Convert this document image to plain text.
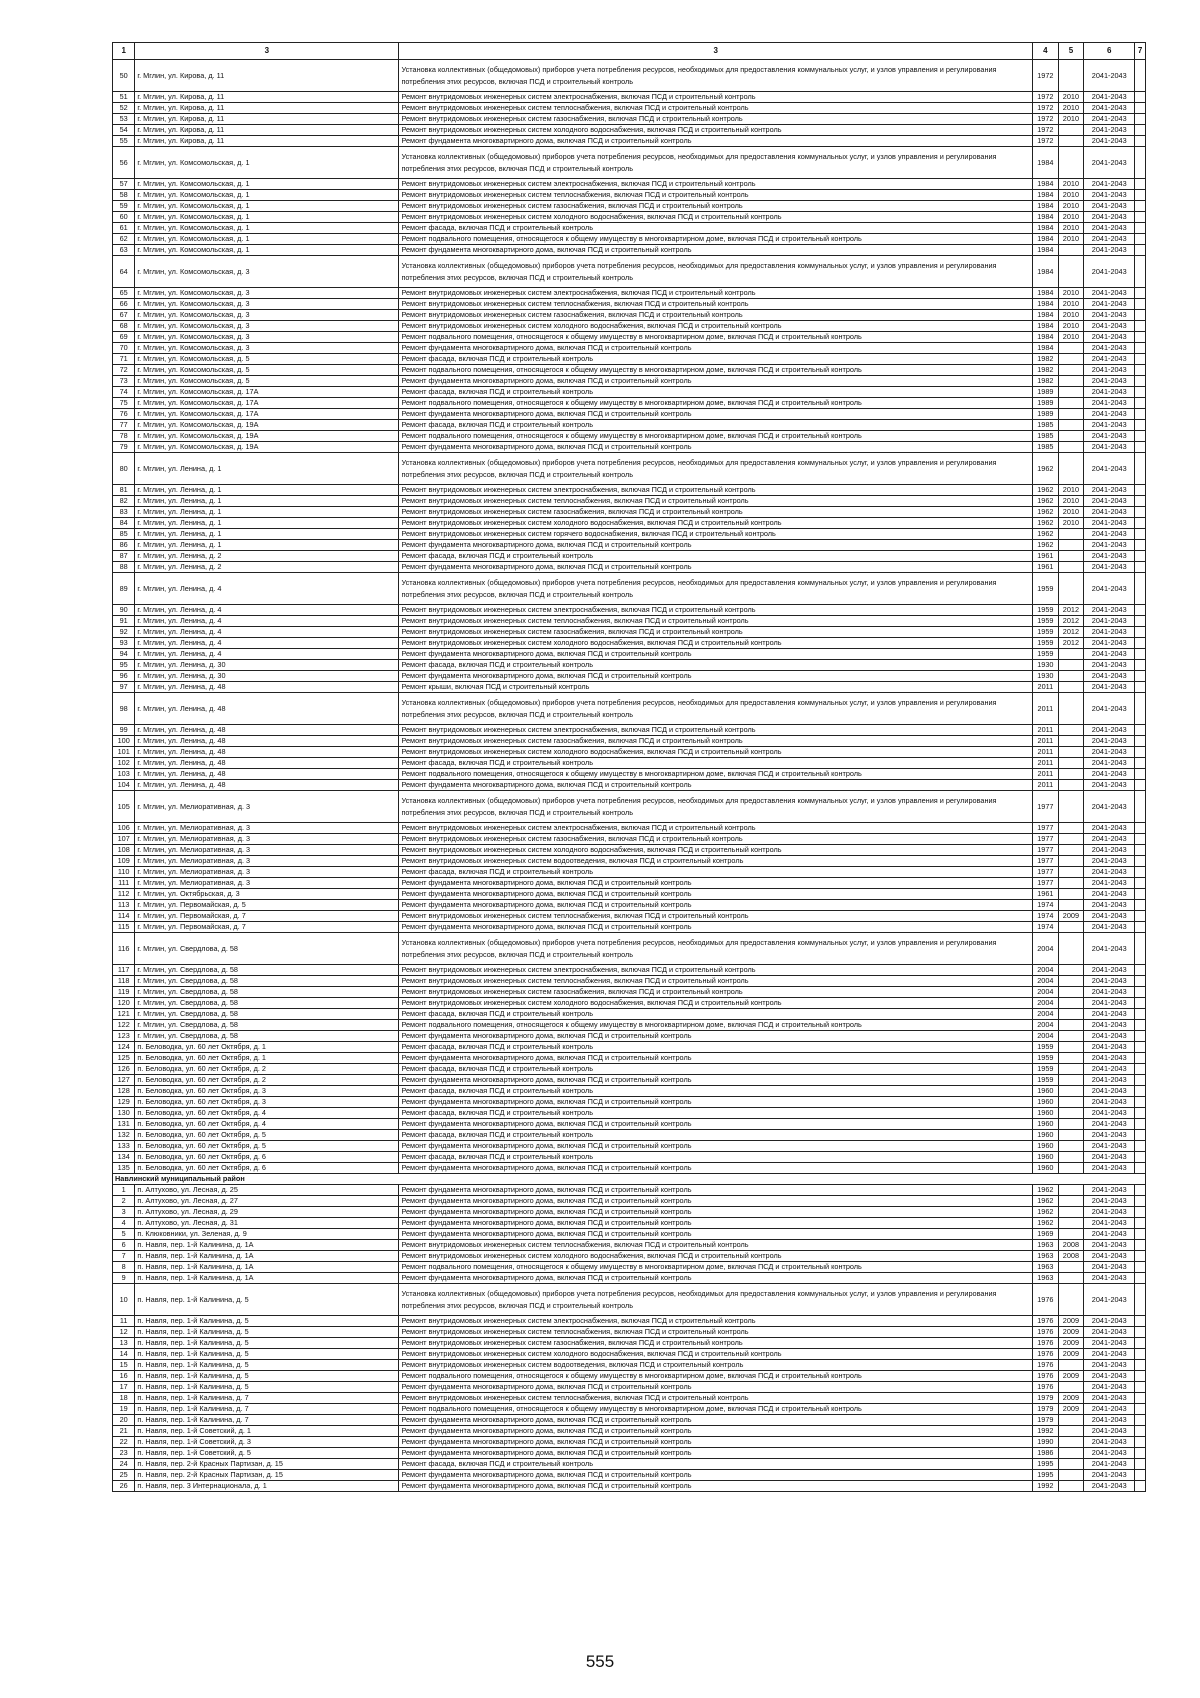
1	3	3	4	5	6	7
50	г. Мглин, ул. Кирова, д. 11	Установка коллективных (общедомовых) приборов учета потребления ресурсов, необходимых для предоставления коммунальных услуг, и узлов управления и регулирования потребления этих ресурсов, включая ПСД и строительный контроль	1972		2041-2043	
51	г. Мглин, ул. Кирова, д. 11	Ремонт внутридомовых инженерных систем электроснабжения, включая ПСД и строительный контроль	1972	2010	2041-2043	
52	г. Мглин, ул. Кирова, д. 11	Ремонт внутридомовых инженерных систем теплоснабжения, включая ПСД и строительный контроль	1972	2010	2041-2043	
53	г. Мглин, ул. Кирова, д. 11	Ремонт внутридомовых инженерных систем газоснабжения, включая ПСД и строительный контроль	1972	2010	2041-2043	
54	г. Мглин, ул. Кирова, д. 11	Ремонт внутридомовых инженерных систем холодного водоснабжения, включая ПСД и строительный контроль	1972		2041-2043	
55	г. Мглин, ул. Кирова, д. 11	Ремонт фундамента многоквартирного дома, включая ПСД и строительный контроль	1972		2041-2043	
56	г. Мглин, ул. Комсомольская, д. 1	Установка коллективных (общедомовых) приборов учета потребления ресурсов, необходимых для предоставления коммунальных услуг, и узлов управления и регулирования потребления этих ресурсов, включая ПСД и строительный контроль	1984		2041-2043	
57	г. Мглин, ул. Комсомольская, д. 1	Ремонт внутридомовых инженерных систем электроснабжения, включая ПСД и строительный контроль	1984	2010	2041-2043	
58	г. Мглин, ул. Комсомольская, д. 1	Ремонт внутридомовых инженерных систем теплоснабжения, включая ПСД и строительный контроль	1984	2010	2041-2043	
59	г. Мглин, ул. Комсомольская, д. 1	Ремонт внутридомовых инженерных систем газоснабжения, включая ПСД и строительный контроль	1984	2010	2041-2043	
60	г. Мглин, ул. Комсомольская, д. 1	Ремонт внутридомовых инженерных систем холодного водоснабжения, включая ПСД и строительный контроль	1984	2010	2041-2043	
61	г. Мглин, ул. Комсомольская, д. 1	Ремонт фасада, включая ПСД и строительный контроль	1984	2010	2041-2043	
62	г. Мглин, ул. Комсомольская, д. 1	Ремонт подвального помещения, относящегося к общему имуществу в многоквартирном доме, включая ПСД и строительный контроль	1984	2010	2041-2043	
63	г. Мглин, ул. Комсомольская, д. 1	Ремонт фундамента многоквартирного дома, включая ПСД и строительный контроль	1984		2041-2043	
64	г. Мглин, ул. Комсомольская, д. 3	Установка коллективных (общедомовых) приборов учета потребления ресурсов, необходимых для предоставления коммунальных услуг, и узлов управления и регулирования потребления этих ресурсов, включая ПСД и строительный контроль	1984		2041-2043	
65	г. Мглин, ул. Комсомольская, д. 3	Ремонт внутридомовых инженерных систем электроснабжения, включая ПСД и строительный контроль	1984	2010	2041-2043	
66	г. Мглин, ул. Комсомольская, д. 3	Ремонт внутридомовых инженерных систем теплоснабжения, включая ПСД и строительный контроль	1984	2010	2041-2043	
67	г. Мглин, ул. Комсомольская, д. 3	Ремонт внутридомовых инженерных систем газоснабжения, включая ПСД и строительный контроль	1984	2010	2041-2043	
68	г. Мглин, ул. Комсомольская, д. 3	Ремонт внутридомовых инженерных систем холодного водоснабжения, включая ПСД и строительный контроль	1984	2010	2041-2043	
69	г. Мглин, ул. Комсомольская, д. 3	Ремонт подвального помещения, относящегося к общему имуществу в многоквартирном доме, включая ПСД и строительный контроль	1984	2010	2041-2043	
70	г. Мглин, ул. Комсомольская, д. 3	Ремонт фундамента многоквартирного дома, включая ПСД и строительный контроль	1984		2041-2043	
71	г. Мглин, ул. Комсомольская, д. 5	Ремонт фасада, включая ПСД и строительный контроль	1982		2041-2043	
72	г. Мглин, ул. Комсомольская, д. 5	Ремонт подвального помещения, относящегося к общему имуществу в многоквартирном доме, включая ПСД и строительный контроль	1982		2041-2043	
73	г. Мглин, ул. Комсомольская, д. 5	Ремонт фундамента многоквартирного дома, включая ПСД и строительный контроль	1982		2041-2043	
74	г. Мглин, ул. Комсомольская, д. 17А	Ремонт фасада, включая ПСД и строительный контроль	1989		2041-2043	
75	г. Мглин, ул. Комсомольская, д. 17А	Ремонт подвального помещения, относящегося к общему имуществу в многоквартирном доме, включая ПСД и строительный контроль	1989		2041-2043	
76	г. Мглин, ул. Комсомольская, д. 17А	Ремонт фундамента многоквартирного дома, включая ПСД и строительный контроль	1989		2041-2043	
77	г. Мглин, ул. Комсомольская, д. 19А	Ремонт фасада, включая ПСД и строительный контроль	1985		2041-2043	
78	г. Мглин, ул. Комсомольская, д. 19А	Ремонт подвального помещения, относящегося к общему имуществу в многоквартирном доме, включая ПСД и строительный контроль	1985		2041-2043	
79	г. Мглин, ул. Комсомольская, д. 19А	Ремонт фундамента многоквартирного дома, включая ПСД и строительный контроль	1985		2041-2043	
80	г. Мглин, ул. Ленина, д. 1	Установка коллективных (общедомовых) приборов учета потребления ресурсов, необходимых для предоставления коммунальных услуг, и узлов управления и регулирования потребления этих ресурсов, включая ПСД и строительный контроль	1962		2041-2043	
81	г. Мглин, ул. Ленина, д. 1	Ремонт внутридомовых инженерных систем электроснабжения, включая ПСД и строительный контроль	1962	2010	2041-2043	
82	г. Мглин, ул. Ленина, д. 1	Ремонт внутридомовых инженерных систем теплоснабжения, включая ПСД и строительный контроль	1962	2010	2041-2043	
83	г. Мглин, ул. Ленина, д. 1	Ремонт внутридомовых инженерных систем газоснабжения, включая ПСД и строительный контроль	1962	2010	2041-2043	
84	г. Мглин, ул. Ленина, д. 1	Ремонт внутридомовых инженерных систем холодного водоснабжения, включая ПСД и строительный контроль	1962	2010	2041-2043	
85	г. Мглин, ул. Ленина, д. 1	Ремонт внутридомовых инженерных систем горячего водоснабжения, включая ПСД и строительный контроль	1962		2041-2043	
86	г. Мглин, ул. Ленина, д. 1	Ремонт фундамента многоквартирного дома, включая ПСД и строительный контроль	1962		2041-2043	
87	г. Мглин, ул. Ленина, д. 2	Ремонт фасада, включая ПСД и строительный контроль	1961		2041-2043	
88	г. Мглин, ул. Ленина, д. 2	Ремонт фундамента многоквартирного дома, включая ПСД и строительный контроль	1961		2041-2043	
89	г. Мглин, ул. Ленина, д. 4	Установка коллективных (общедомовых) приборов учета потребления ресурсов, необходимых для предоставления коммунальных услуг, и узлов управления и регулирования потребления этих ресурсов, включая ПСД и строительный контроль	1959		2041-2043	
90	г. Мглин, ул. Ленина, д. 4	Ремонт внутридомовых инженерных систем электроснабжения, включая ПСД и строительный контроль	1959	2012	2041-2043	
91	г. Мглин, ул. Ленина, д. 4	Ремонт внутридомовых инженерных систем теплоснабжения, включая ПСД и строительный контроль	1959	2012	2041-2043	
92	г. Мглин, ул. Ленина, д. 4	Ремонт внутридомовых инженерных систем газоснабжения, включая ПСД и строительный контроль	1959	2012	2041-2043	
93	г. Мглин, ул. Ленина, д. 4	Ремонт внутридомовых инженерных систем холодного водоснабжения, включая ПСД и строительный контроль	1959	2012	2041-2043	
94	г. Мглин, ул. Ленина, д. 4	Ремонт фундамента многоквартирного дома, включая ПСД и строительный контроль	1959		2041-2043	
95	г. Мглин, ул. Ленина, д. 30	Ремонт фасада, включая ПСД и строительный контроль	1930		2041-2043	
96	г. Мглин, ул. Ленина, д. 30	Ремонт фундамента многоквартирного дома, включая ПСД и строительный контроль	1930		2041-2043	
97	г. Мглин, ул. Ленина, д. 48	Ремонт крыши, включая ПСД и строительный контроль	2011		2041-2043	
98	г. Мглин, ул. Ленина, д. 48	Установка коллективных (общедомовых) приборов учета потребления ресурсов, необходимых для предоставления коммунальных услуг, и узлов управления и регулирования потребления этих ресурсов, включая ПСД и строительный контроль	2011		2041-2043	
99	г. Мглин, ул. Ленина, д. 48	Ремонт внутридомовых инженерных систем электроснабжения, включая ПСД и строительный контроль	2011		2041-2043	
100	г. Мглин, ул. Ленина, д. 48	Ремонт внутридомовых инженерных систем газоснабжения, включая ПСД и строительный контроль	2011		2041-2043	
101	г. Мглин, ул. Ленина, д. 48	Ремонт внутридомовых инженерных систем холодного водоснабжения, включая ПСД и строительный контроль	2011		2041-2043	
102	г. Мглин, ул. Ленина, д. 48	Ремонт фасада, включая ПСД и строительный контроль	2011		2041-2043	
103	г. Мглин, ул. Ленина, д. 48	Ремонт подвального помещения, относящегося к общему имуществу в многоквартирном доме, включая ПСД и строительный контроль	2011		2041-2043	
104	г. Мглин, ул. Ленина, д. 48	Ремонт фундамента многоквартирного дома, включая ПСД и строительный контроль	2011		2041-2043	
105	г. Мглин, ул. Мелиоративная, д. 3	Установка коллективных (общедомовых) приборов учета потребления ресурсов, необходимых для предоставления коммунальных услуг, и узлов управления и регулирования потребления этих ресурсов, включая ПСД и строительный контроль	1977		2041-2043	
106	г. Мглин, ул. Мелиоративная, д. 3	Ремонт внутридомовых инженерных систем электроснабжения, включая ПСД и строительный контроль	1977		2041-2043	
107	г. Мглин, ул. Мелиоративная, д. 3	Ремонт внутридомовых инженерных систем газоснабжения, включая ПСД и строительный контроль	1977		2041-2043	
108	г. Мглин, ул. Мелиоративная, д. 3	Ремонт внутридомовых инженерных систем холодного водоснабжения, включая ПСД и строительный контроль	1977		2041-2043	
109	г. Мглин, ул. Мелиоративная, д. 3	Ремонт внутридомовых инженерных систем водоотведения, включая ПСД и строительный контроль	1977		2041-2043	
110	г. Мглин, ул. Мелиоративная, д. 3	Ремонт фасада, включая ПСД и строительный контроль	1977		2041-2043	
111	г. Мглин, ул. Мелиоративная, д. 3	Ремонт фундамента многоквартирного дома, включая ПСД и строительный контроль	1977		2041-2043	
112	г. Мглин, ул. Октябрьская, д. 3	Ремонт фундамента многоквартирного дома, включая ПСД и строительный контроль	1961		2041-2043	
113	г. Мглин, ул. Первомайская, д. 5	Ремонт фундамента многоквартирного дома, включая ПСД и строительный контроль	1974		2041-2043	
114	г. Мглин, ул. Первомайская, д. 7	Ремонт внутридомовых инженерных систем теплоснабжения, включая ПСД и строительный контроль	1974	2009	2041-2043	
115	г. Мглин, ул. Первомайская, д. 7	Ремонт фундамента многоквартирного дома, включая ПСД и строительный контроль	1974		2041-2043	
116	г. Мглин, ул. Свердлова, д. 58	Установка коллективных (общедомовых) приборов учета потребления ресурсов, необходимых для предоставления коммунальных услуг, и узлов управления и регулирования потребления этих ресурсов, включая ПСД и строительный контроль	2004		2041-2043	
117	г. Мглин, ул. Свердлова, д. 58	Ремонт внутридомовых инженерных систем электроснабжения, включая ПСД и строительный контроль	2004		2041-2043	
118	г. Мглин, ул. Свердлова, д. 58	Ремонт внутридомовых инженерных систем теплоснабжения, включая ПСД и строительный контроль	2004		2041-2043	
119	г. Мглин, ул. Свердлова, д. 58	Ремонт внутридомовых инженерных систем газоснабжения, включая ПСД и строительный контроль	2004		2041-2043	
120	г. Мглин, ул. Свердлова, д. 58	Ремонт внутридомовых инженерных систем холодного водоснабжения, включая ПСД и строительный контроль	2004		2041-2043	
121	г. Мглин, ул. Свердлова, д. 58	Ремонт фасада, включая ПСД и строительный контроль	2004		2041-2043	
122	г. Мглин, ул. Свердлова, д. 58	Ремонт подвального помещения, относящегося к общему имуществу в многоквартирном доме, включая ПСД и строительный контроль	2004		2041-2043	
123	г. Мглин, ул. Свердлова, д. 58	Ремонт фундамента многоквартирного дома, включая ПСД и строительный контроль	2004		2041-2043	
124	п. Беловодка, ул. 60 лет Октября, д. 1	Ремонт фасада, включая ПСД и строительный контроль	1959		2041-2043	
125	п. Беловодка, ул. 60 лет Октября, д. 1	Ремонт фундамента многоквартирного дома, включая ПСД и строительный контроль	1959		2041-2043	
126	п. Беловодка, ул. 60 лет Октября, д. 2	Ремонт фасада, включая ПСД и строительный контроль	1959		2041-2043	
127	п. Беловодка, ул. 60 лет Октября, д. 2	Ремонт фундамента многоквартирного дома, включая ПСД и строительный контроль	1959		2041-2043	
128	п. Беловодка, ул. 60 лет Октября, д. 3	Ремонт фасада, включая ПСД и строительный контроль	1960		2041-2043	
129	п. Беловодка, ул. 60 лет Октября, д. 3	Ремонт фундамента многоквартирного дома, включая ПСД и строительный контроль	1960		2041-2043	
130	п. Беловодка, ул. 60 лет Октября, д. 4	Ремонт фасада, включая ПСД и строительный контроль	1960		2041-2043	
131	п. Беловодка, ул. 60 лет Октября, д. 4	Ремонт фундамента многоквартирного дома, включая ПСД и строительный контроль	1960		2041-2043	
132	п. Беловодка, ул. 60 лет Октября, д. 5	Ремонт фасада, включая ПСД и строительный контроль	1960		2041-2043	
133	п. Беловодка, ул. 60 лет Октября, д. 5	Ремонт фундамента многоквартирного дома, включая ПСД и строительный контроль	1960		2041-2043	
134	п. Беловодка, ул. 60 лет Октября, д. 6	Ремонт фасада, включая ПСД и строительный контроль	1960		2041-2043	
135	п. Беловодка, ул. 60 лет Октября, д. 6	Ремонт фундамента многоквартирного дома, включая ПСД и строительный контроль	1960		2041-2043	
Навлинский муниципальный район						
1	п. Алтухово, ул. Лесная, д. 25	Ремонт фундамента многоквартирного дома, включая ПСД и строительный контроль	1962		2041-2043	
2	п. Алтухово, ул. Лесная, д. 27	Ремонт фундамента многоквартирного дома, включая ПСД и строительный контроль	1962		2041-2043	
3	п. Алтухово, ул. Лесная, д. 29	Ремонт фундамента многоквартирного дома, включая ПСД и строительный контроль	1962		2041-2043	
4	п. Алтухово, ул. Лесная, д. 31	Ремонт фундамента многоквартирного дома, включая ПСД и строительный контроль	1962		2041-2043	
5	п. Клюковники, ул. Зеленая, д. 9	Ремонт фундамента многоквартирного дома, включая ПСД и строительный контроль	1969		2041-2043	
6	п. Навля, пер. 1-й Калинина, д. 1А	Ремонт внутридомовых инженерных систем теплоснабжения, включая ПСД и строительный контроль	1963	2008	2041-2043	
7	п. Навля, пер. 1-й Калинина, д. 1А	Ремонт внутридомовых инженерных систем холодного водоснабжения, включая ПСД и строительный контроль	1963	2008	2041-2043	
8	п. Навля, пер. 1-й Калинина, д. 1А	Ремонт подвального помещения, относящегося к общему имуществу в многоквартирном доме, включая ПСД и строительный контроль	1963		2041-2043	
9	п. Навля, пер. 1-й Калинина, д. 1А	Ремонт фундамента многоквартирного дома, включая ПСД и строительный контроль	1963		2041-2043	
10	п. Навля, пер. 1-й Калинина, д. 5	Установка коллективных (общедомовых) приборов учета потребления ресурсов, необходимых для предоставления коммунальных услуг, и узлов управления и регулирования потребления этих ресурсов, включая ПСД и строительный контроль	1976		2041-2043	
11	п. Навля, пер. 1-й Калинина, д. 5	Ремонт внутридомовых инженерных систем электроснабжения, включая ПСД и строительный контроль	1976	2009	2041-2043	
12	п. Навля, пер. 1-й Калинина, д. 5	Ремонт внутридомовых инженерных систем теплоснабжения, включая ПСД и строительный контроль	1976	2009	2041-2043	
13	п. Навля, пер. 1-й Калинина, д. 5	Ремонт внутридомовых инженерных систем газоснабжения, включая ПСД и строительный контроль	1976	2009	2041-2043	
14	п. Навля, пер. 1-й Калинина, д. 5	Ремонт внутридомовых инженерных систем холодного водоснабжения, включая ПСД и строительный контроль	1976	2009	2041-2043	
15	п. Навля, пер. 1-й Калинина, д. 5	Ремонт внутридомовых инженерных систем водоотведения, включая ПСД и строительный контроль	1976		2041-2043	
16	п. Навля, пер. 1-й Калинина, д. 5	Ремонт подвального помещения, относящегося к общему имуществу в многоквартирном доме, включая ПСД и строительный контроль	1976	2009	2041-2043	
17	п. Навля, пер. 1-й Калинина, д. 5	Ремонт фундамента многоквартирного дома, включая ПСД и строительный контроль	1976		2041-2043	
18	п. Навля, пер. 1-й Калинина, д. 7	Ремонт внутридомовых инженерных систем теплоснабжения, включая ПСД и строительный контроль	1979	2009	2041-2043	
19	п. Навля, пер. 1-й Калинина, д. 7	Ремонт подвального помещения, относящегося к общему имуществу в многоквартирном доме, включая ПСД и строительный контроль	1979	2009	2041-2043	
20	п. Навля, пер. 1-й Калинина, д. 7	Ремонт фундамента многоквартирного дома, включая ПСД и строительный контроль	1979		2041-2043	
21	п. Навля, пер. 1-й Советский, д. 1	Ремонт фундамента многоквартирного дома, включая ПСД и строительный контроль	1992		2041-2043	
22	п. Навля, пер. 1-й Советский, д. 3	Ремонт фундамента многоквартирного дома, включая ПСД и строительный контроль	1990		2041-2043	
23	п. Навля, пер. 1-й Советский, д. 5	Ремонт фундамента многоквартирного дома, включая ПСД и строительный контроль	1986		2041-2043	
24	п. Навля, пер. 2-й Красных Партизан, д. 15	Ремонт фасада, включая ПСД и строительный контроль	1995		2041-2043	
25	п. Навля, пер. 2-й Красных Партизан, д. 15	Ремонт фундамента многоквартирного дома, включая ПСД и строительный контроль	1995		2041-2043	
26	п. Навля, пер. 3 Интернационала, д. 1	Ремонт фундамента многоквартирного дома, включая ПСД и строительный контроль	1992		2041-2043	
555
